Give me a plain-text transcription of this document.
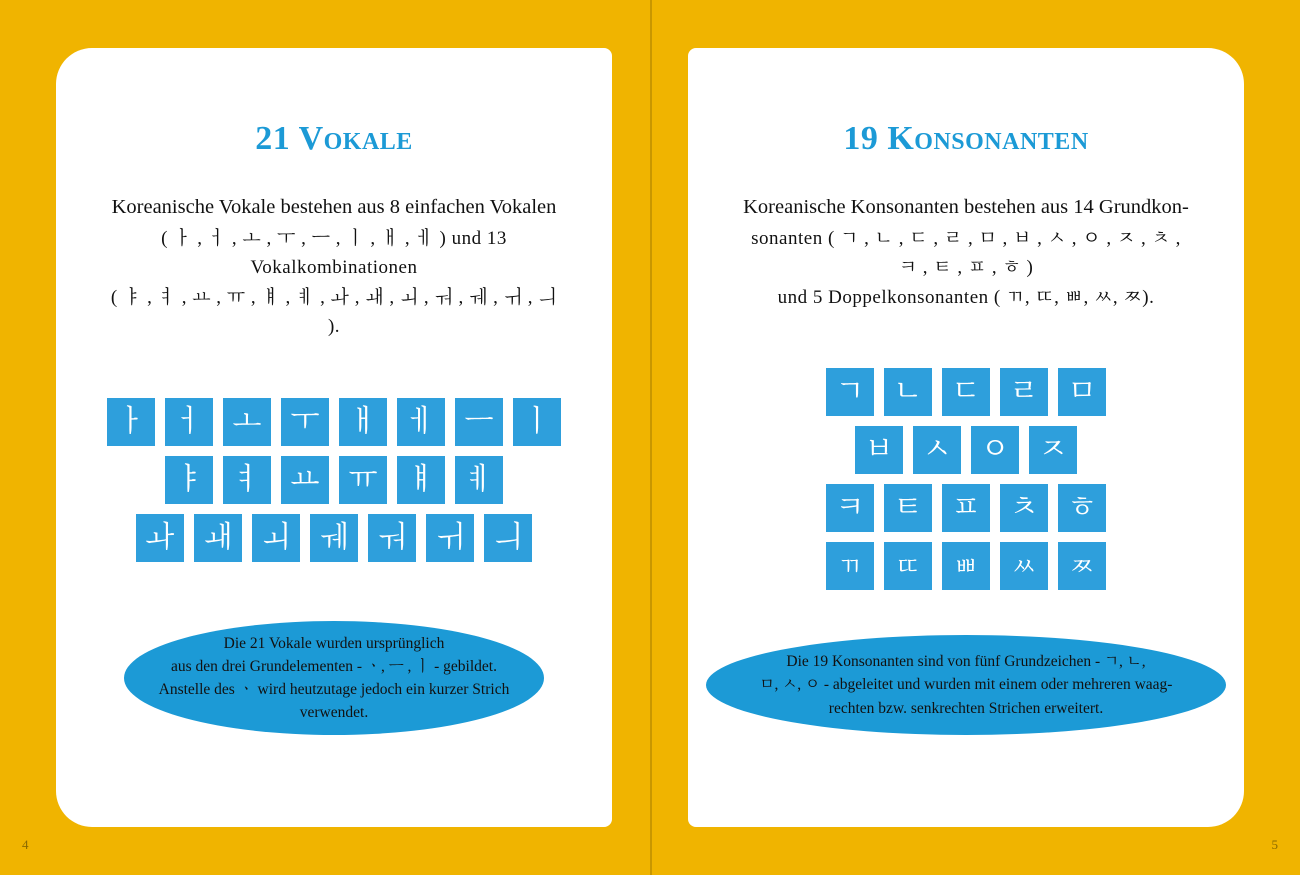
21 Vokale
Koreanische Vokale bestehen aus 8 einfachen Vokalen
( ㅏ , ㅓ , ㅗ , ㅜ , ㅡ , ㅣ , ㅐ , ㅔ ) und 13 Vokalkombinationen
( ㅑ , ㅕ , ㅛ , ㅠ , ㅒ , ㅖ , ㅘ , ㅙ , ㅚ , ㅝ , ㅞ , ㅟ , ㅢ ).
ㅏ ㅓ ㅗ ㅜ ㅐ ㅔ ㅡ ㅣ
ㅑ ㅕ ㅛ ㅠ ㅒ ㅖ
ㅘ ㅙ ㅚ ㅞ ㅝ ㅟ ㅢ
Die 21 Vokale wurden ursprünglich
aus den drei Grundelementen - ㆍ, ㅡ , ㅣ - gebildet.
Anstelle des ㆍ wird heutzutage jedoch ein kurzer Strich
verwendet.
4
19 Konsonanten
Koreanische Konsonanten bestehen aus 14 Grundkon-
sonanten ( ㄱ , ㄴ , ㄷ , ㄹ , ㅁ , ㅂ , ㅅ , ㅇ , ㅈ , ㅊ , ㅋ , ㅌ , ㅍ , ㅎ )
und 5 Doppelkonsonanten ( ㄲ, ㄸ, ㅃ, ㅆ, ㅉ).
ㄱ ㄴ ㄷ ㄹ ㅁ
ㅂ ㅅ ㅇ ㅈ
ㅋ ㅌ ㅍ ㅊ ㅎ
ㄲ	ㄸ	ㅃ	ㅆ	ㅉ
Die 19 Konsonanten sind von fünf Grundzeichen - ㄱ, ㄴ,
ㅁ, ㅅ, ㅇ - abgeleitet und wurden mit einem oder mehreren waag-
rechten bzw. senkrechten Strichen erweitert.
5
